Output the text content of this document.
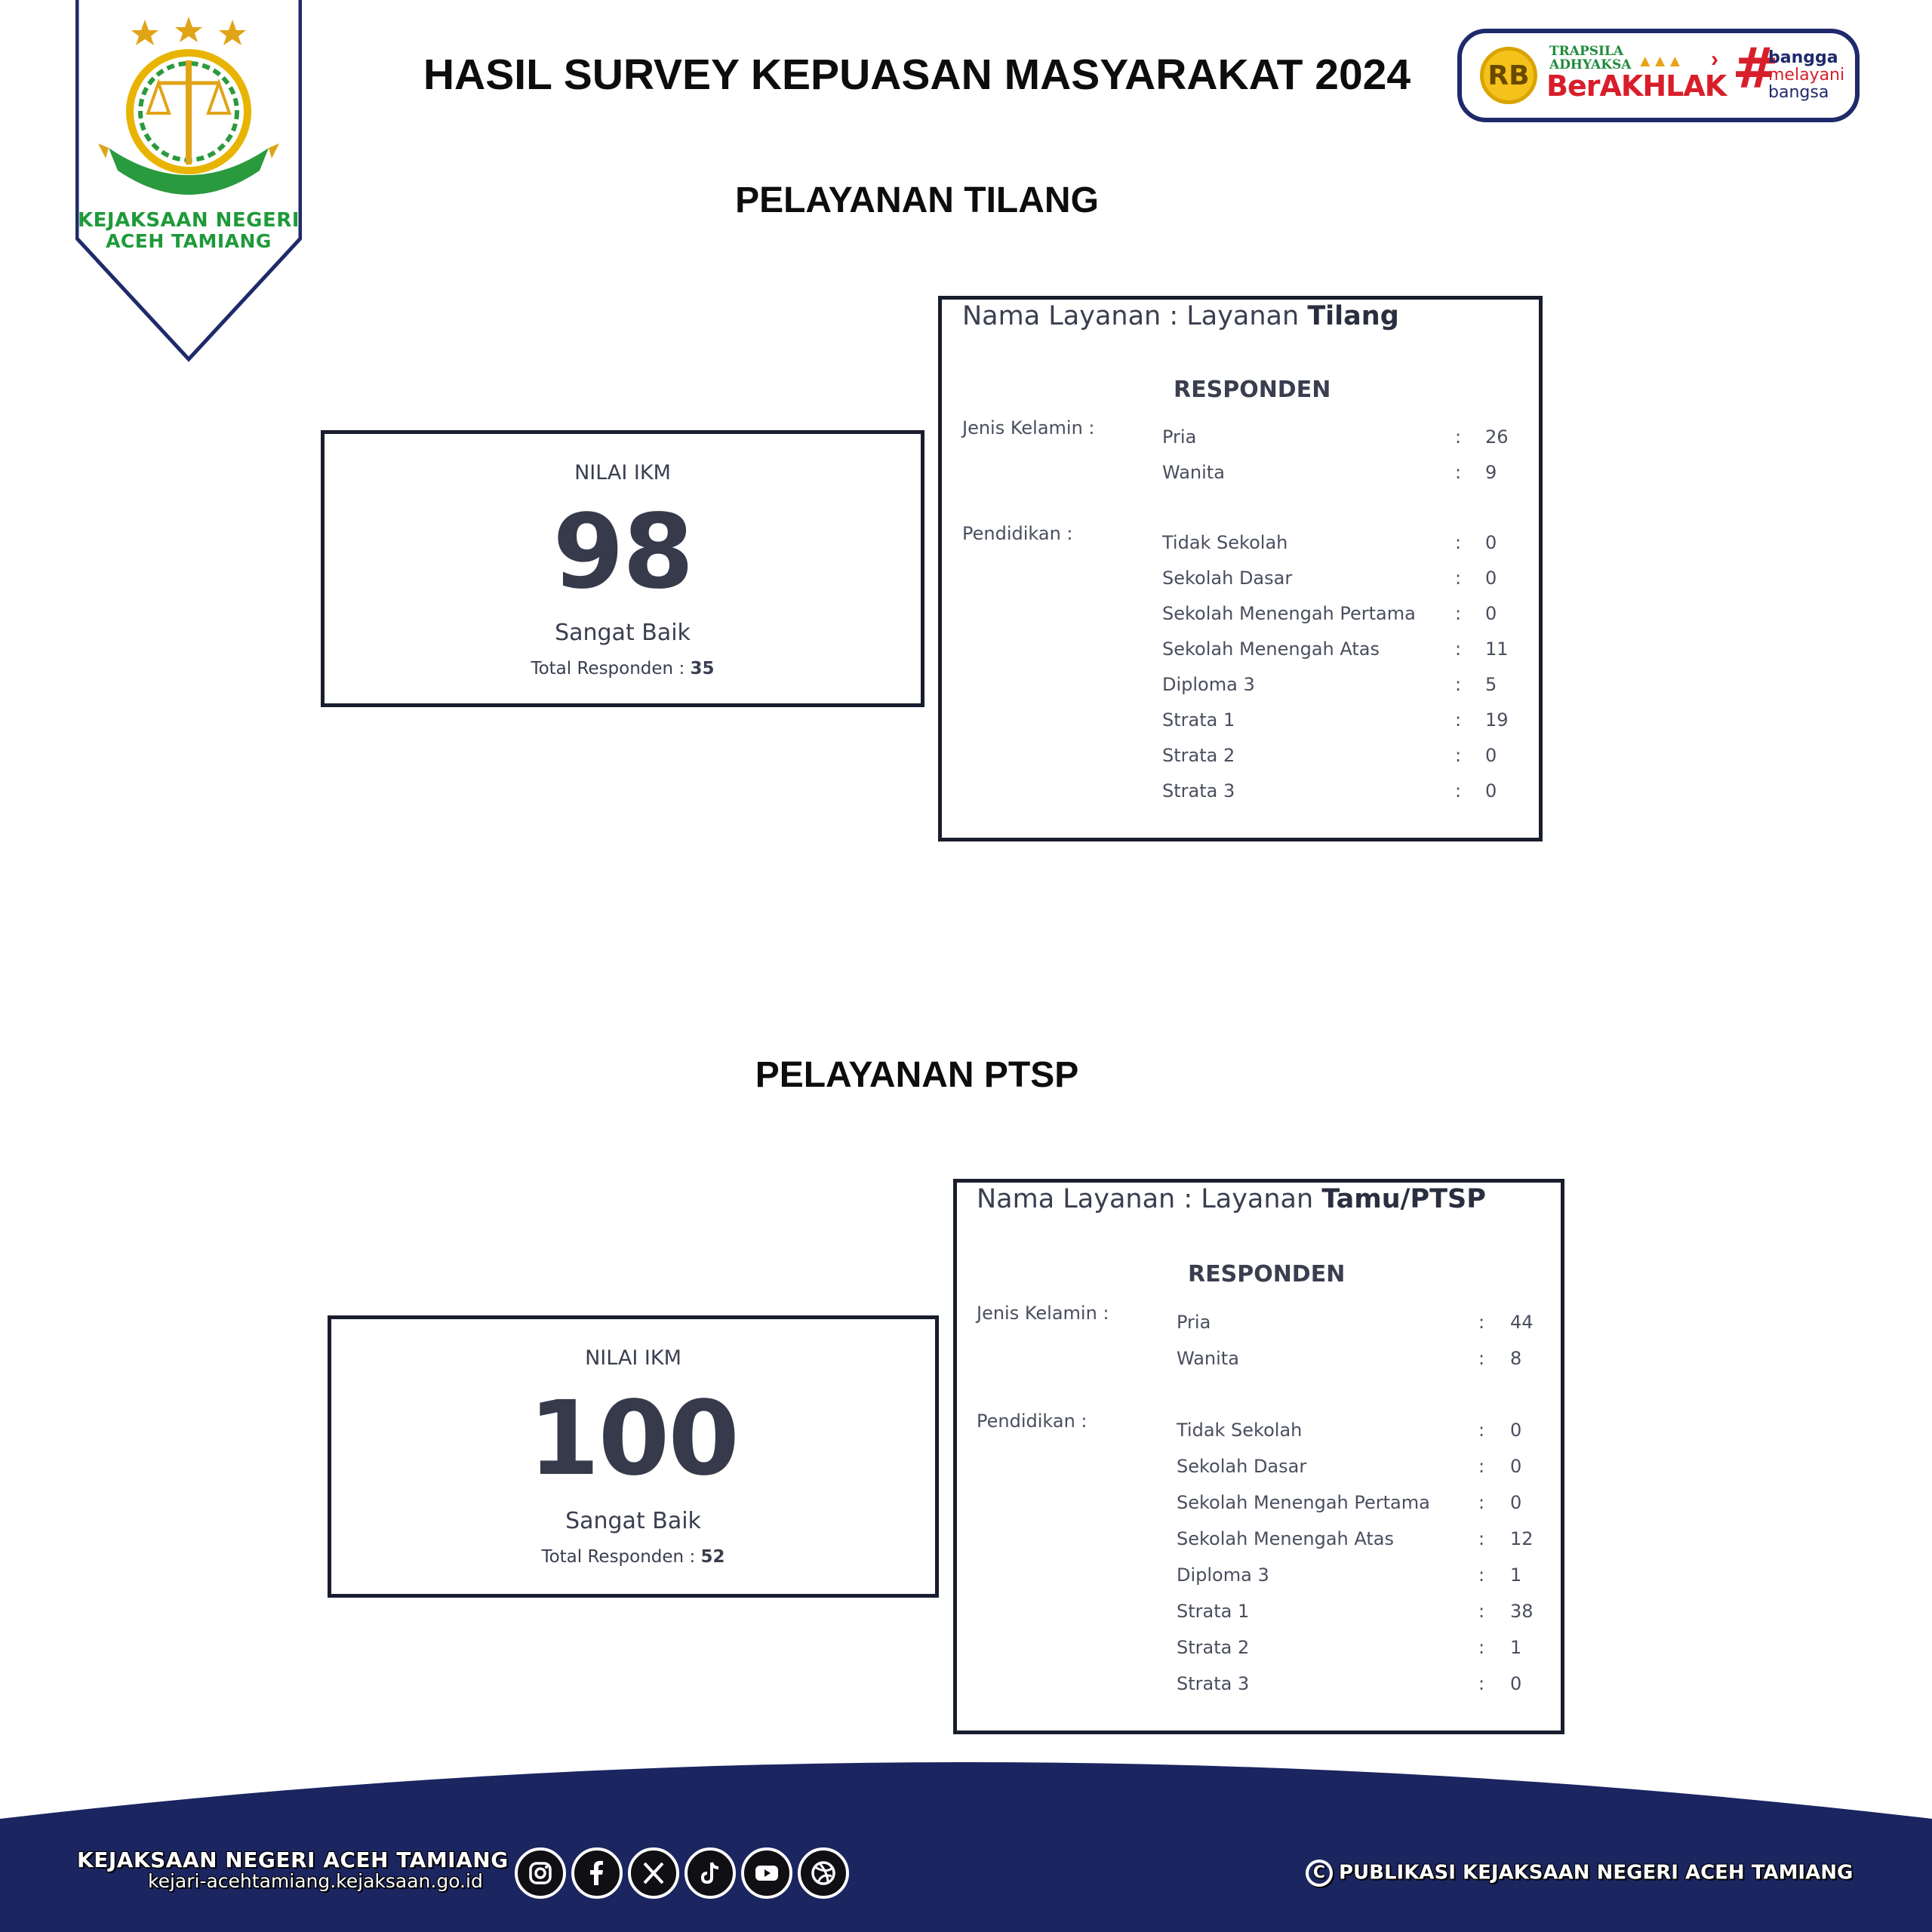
KEJAKSAAN NEGERI
ACEH TAMIANG
HASIL SURVEY KEPUASAN MASYARAKAT 2024	RB
TRAPSILA
ADHYAKSA ▲▲▲ ›
BerAKHLAK #
bangga
melayani
bangsa
PELAYANAN TILANG
NILAI IKM
98
Sangat Baik
Total Responden : 35
Nama Layanan : Layanan Tilang
RESPONDEN
Jenis Kelamin :	Pria	: 26
Wanita	: 9
Pendidikan :	Tidak Sekolah	: 0
Sekolah Dasar	: 0
Sekolah Menengah Pertama : 0
Sekolah Menengah Atas	: 11
Diploma 3	: 5
Strata 1	: 19
Strata 2	: 0
Strata 3	: 0
PELAYANAN PTSP
NILAI IKM
100
Sangat Baik
Total Responden : 52
Nama Layanan : Layanan Tamu/PTSP
RESPONDEN
Jenis Kelamin :	Pria	: 44
Wanita	: 8
Pendidikan :	Tidak Sekolah	: 0
Sekolah Dasar	: 0
Sekolah Menengah Pertama	: 0
Sekolah Menengah Atas	: 12
Diploma 3	: 1
Strata 1	: 38
Strata 2	: 1
Strata 3	: 0
KEJAKSAAN NEGERI ACEH TAMIANG
kejari-acehtamiang.kejaksaan.go.id	C PUBLIKASI KEJAKSAAN NEGERI ACEH TAMIANG
